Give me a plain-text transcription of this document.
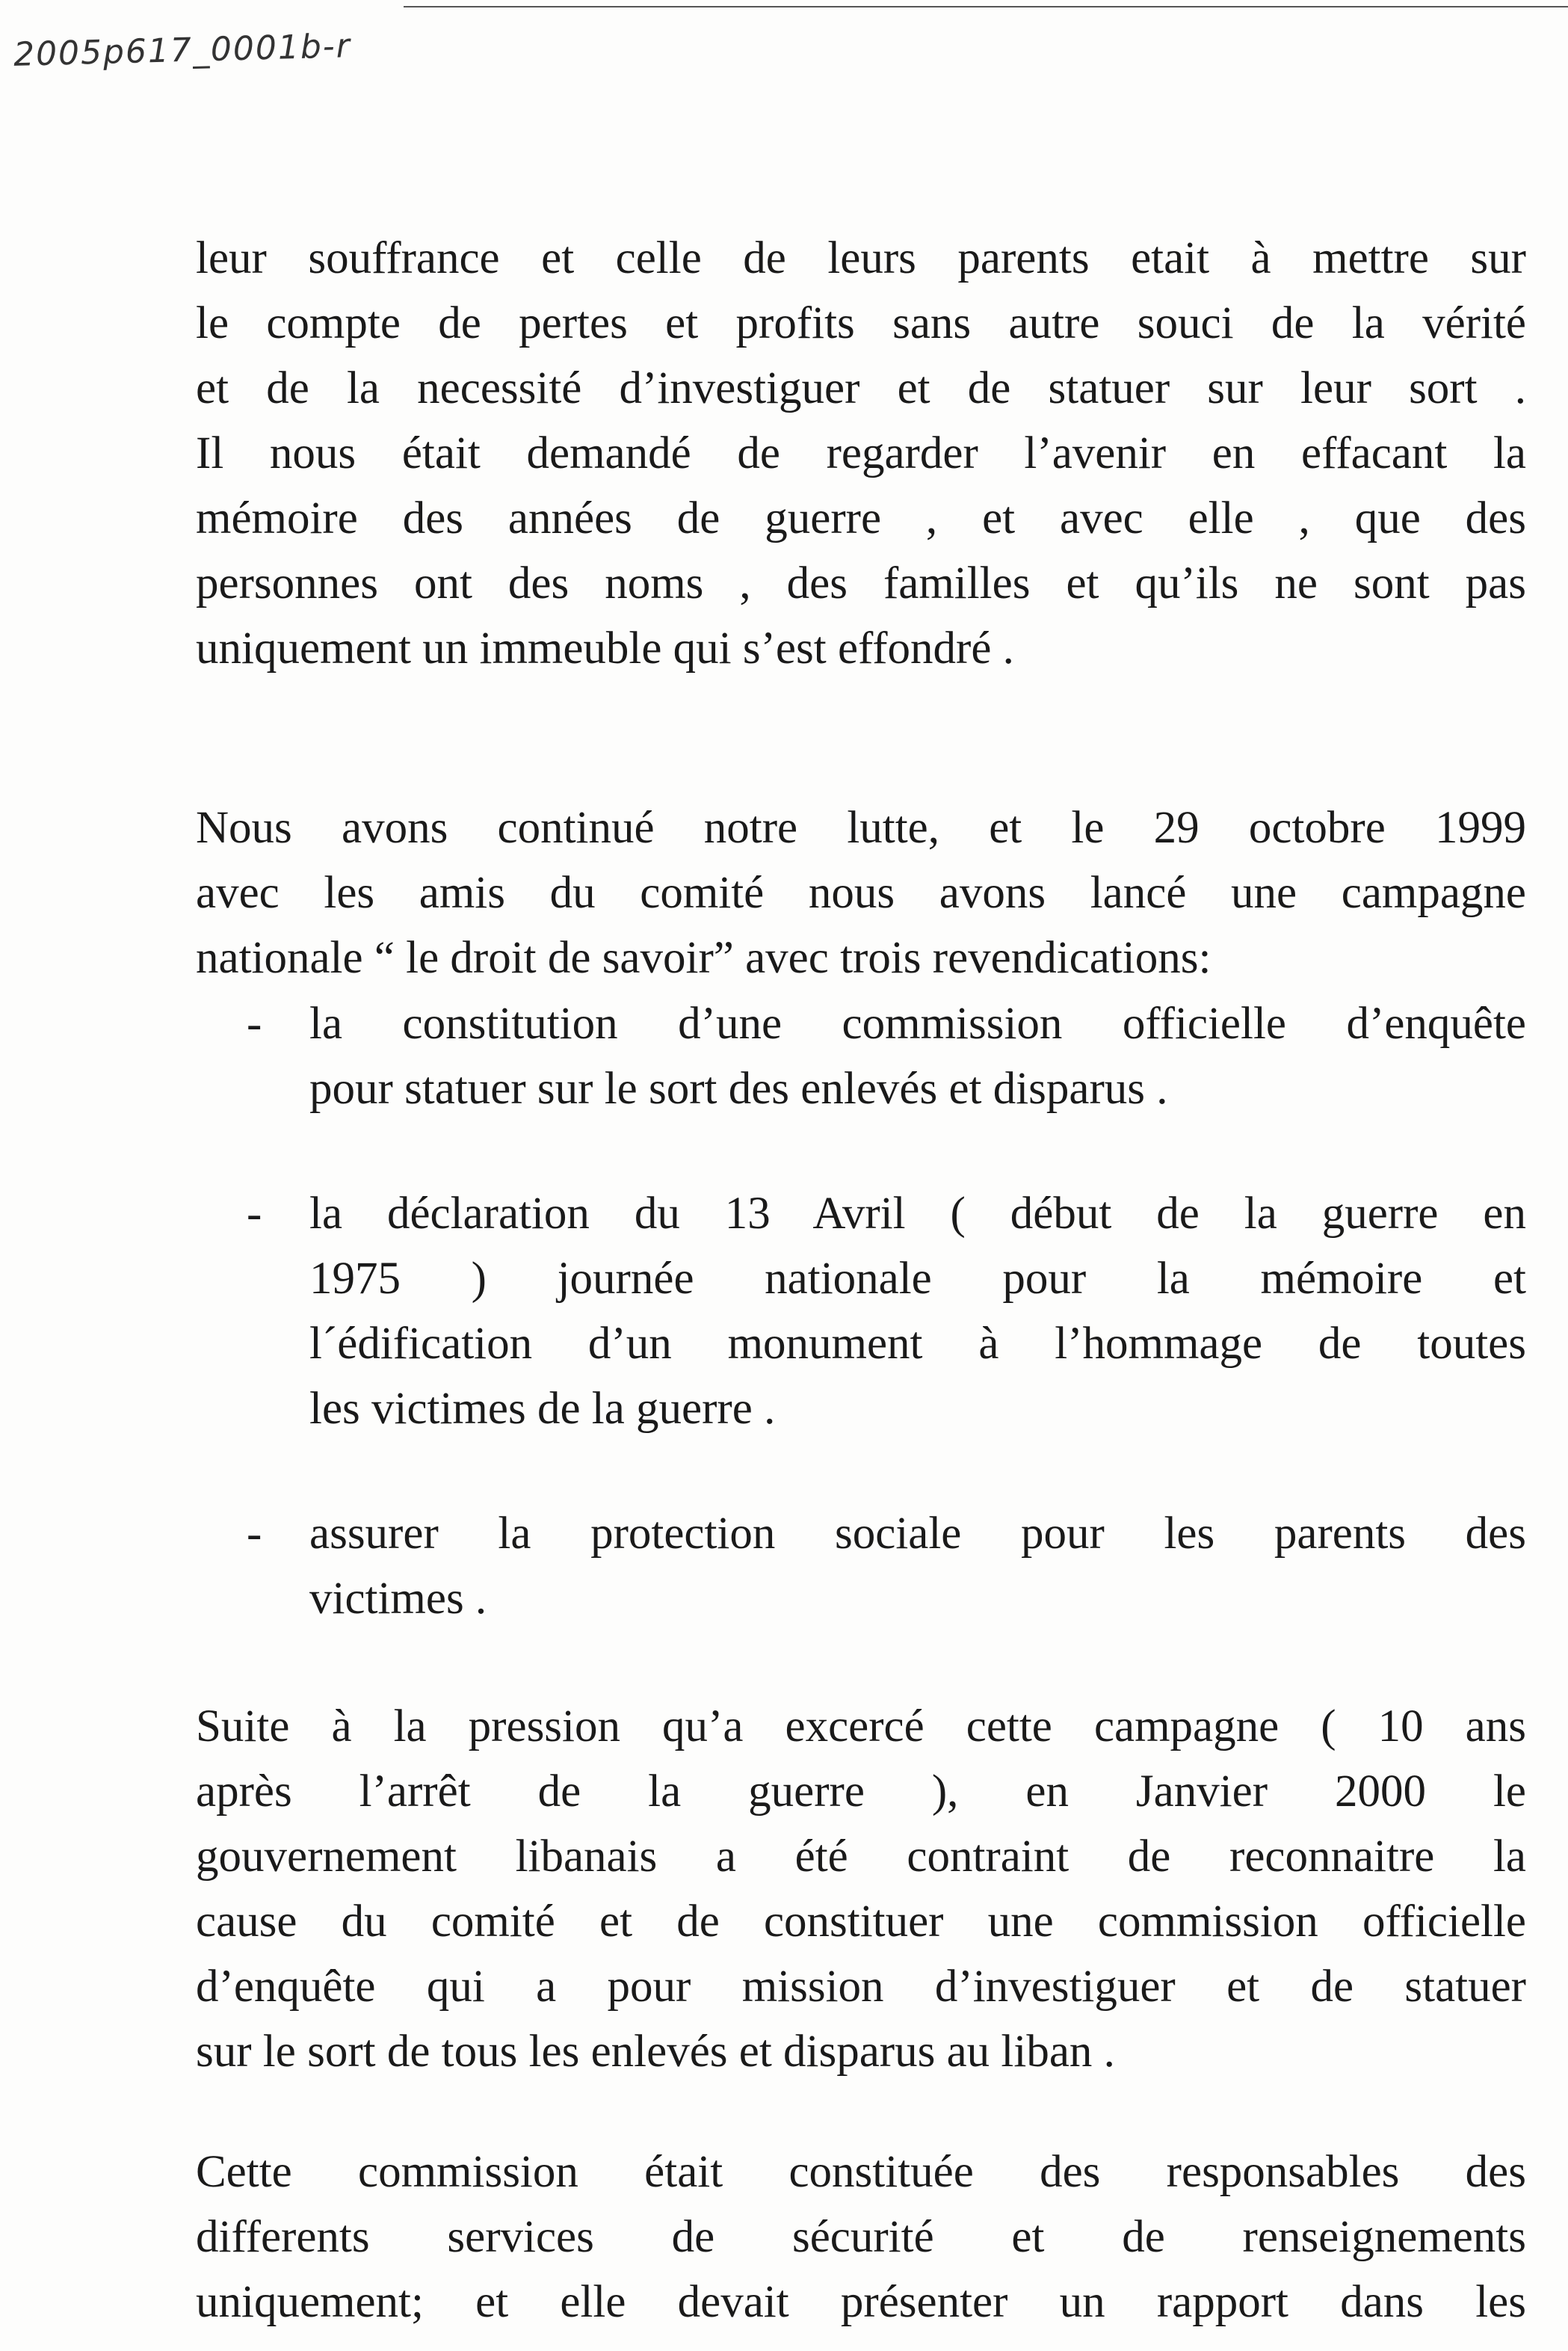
2005p617_0001b-r
leur souffrance et celle de leurs parents etait à mettre sur
le compte de pertes et profits sans autre souci de la vérité
et de la necessité d’investiguer et de statuer sur leur sort .
Il nous était demandé de regarder l’avenir en effacant la
mémoire des années de guerre , et avec elle , que des
personnes ont des noms , des familles et qu’ils ne sont pas
uniquement un immeuble qui s’est effondré .
Nous avons continué notre lutte, et le 29 octobre 1999
avec les amis du comité nous avons lancé une campagne
nationale “ le droit de savoir” avec trois revendications:
- la constitution d’une commission officielle d’enquête
pour statuer sur le sort des enlevés et disparus .
- la déclaration du 13 Avril ( début de la guerre en
1975 ) journée nationale pour la mémoire et
l´édification d’un monument à l’hommage de toutes
les victimes de la guerre .
- assurer la protection sociale pour les parents des
victimes .
Suite à la pression qu’a excercé cette campagne ( 10 ans
après l’arrêt de la guerre ), en Janvier 2000 le
gouvernement libanais a été contraint de reconnaitre la
cause du comité et de constituer une commission officielle
d’enquête qui a pour mission d’investiguer et de statuer
sur le sort de tous les enlevés et disparus au liban .
Cette commission était constituée des responsables des
differents services de sécurité et de renseignements
uniquement; et elle devait présenter un rapport dans les
